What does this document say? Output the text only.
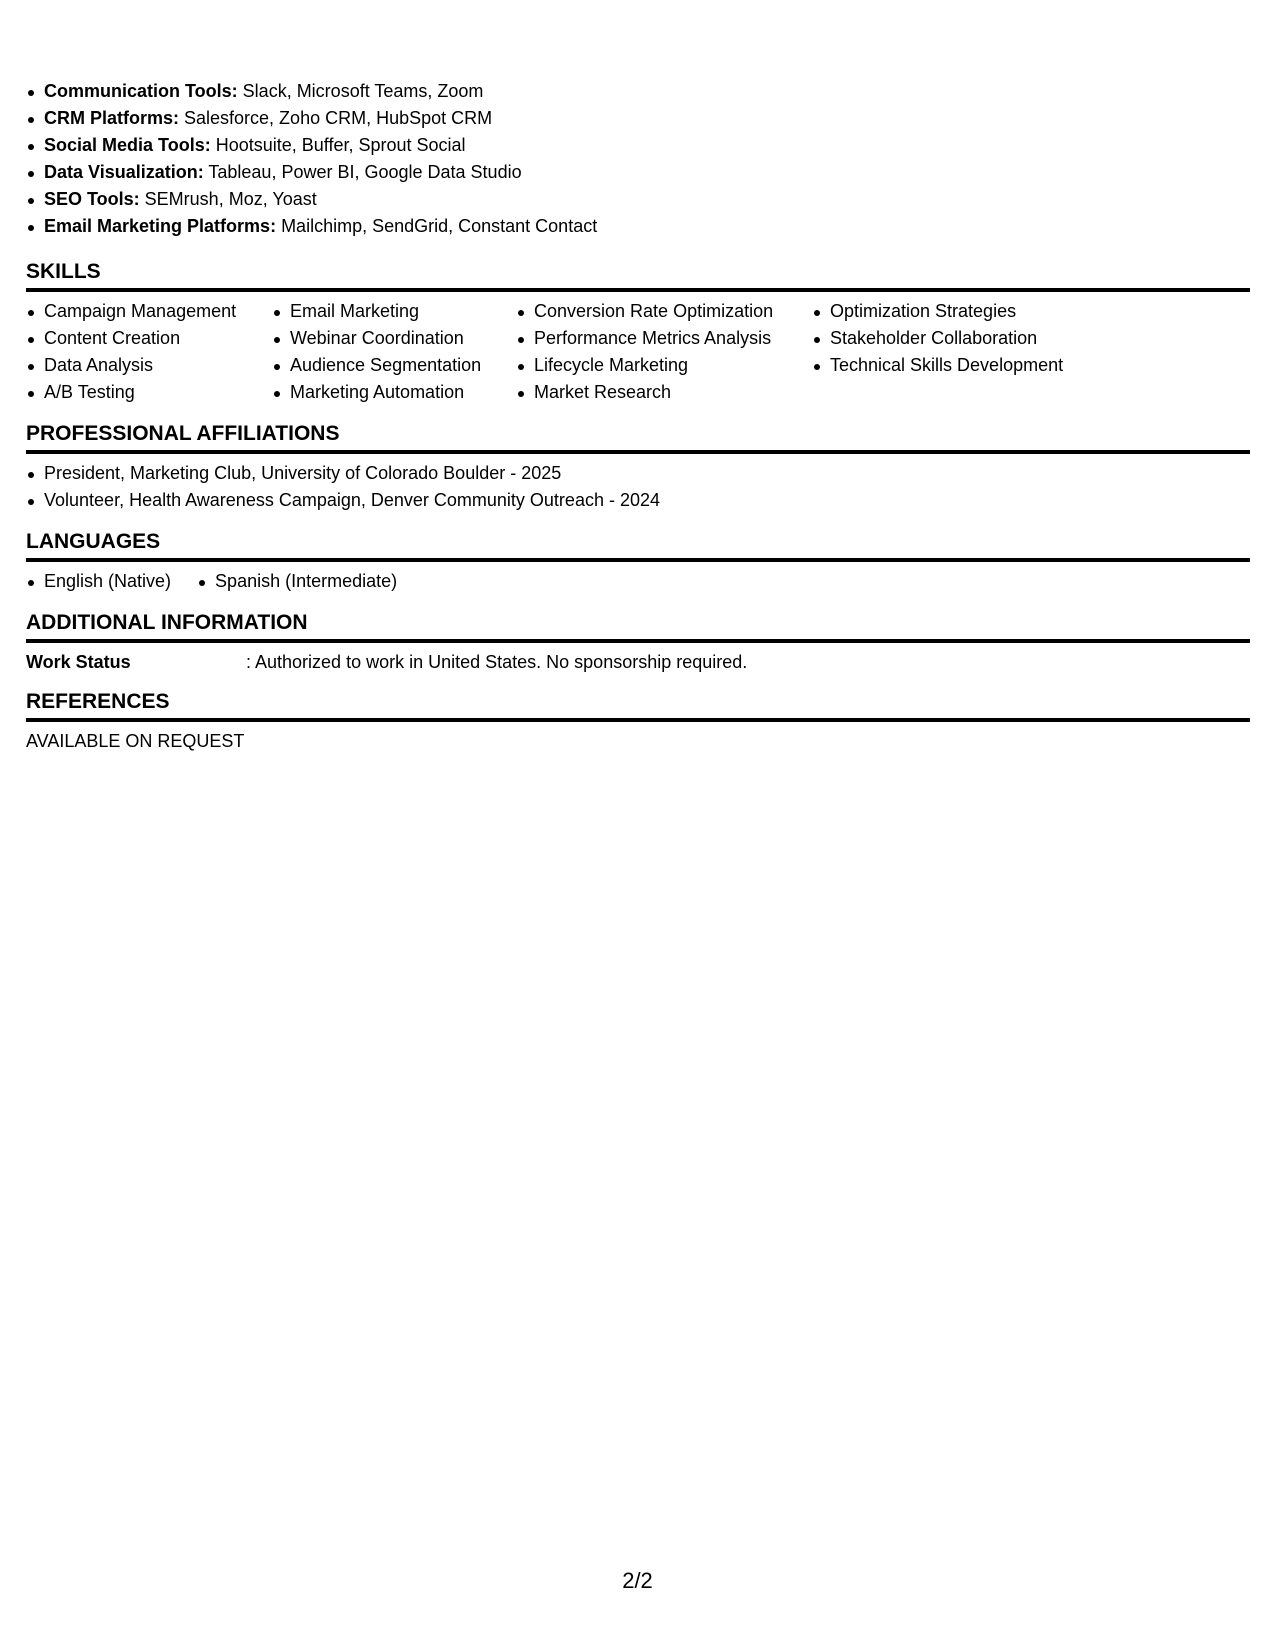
Communication Tools: Slack, Microsoft Teams, Zoom
CRM Platforms: Salesforce, Zoho CRM, HubSpot CRM
Social Media Tools: Hootsuite, Buffer, Sprout Social
Data Visualization: Tableau, Power BI, Google Data Studio
SEO Tools: SEMrush, Moz, Yoast
Email Marketing Platforms: Mailchimp, SendGrid, Constant Contact
SKILLS
Campaign Management
Content Creation
Data Analysis
A/B Testing
Email Marketing
Webinar Coordination
Audience Segmentation
Marketing Automation
Conversion Rate Optimization
Performance Metrics Analysis
Lifecycle Marketing
Market Research
Optimization Strategies
Stakeholder Collaboration
Technical Skills Development
PROFESSIONAL AFFILIATIONS
President, Marketing Club, University of Colorado Boulder - 2025
Volunteer, Health Awareness Campaign, Denver Community Outreach - 2024
LANGUAGES
English (Native)	Spanish (Intermediate)
ADDITIONAL INFORMATION
Work Status	: Authorized to work in United States. No sponsorship required.
REFERENCES
AVAILABLE ON REQUEST
2/2
